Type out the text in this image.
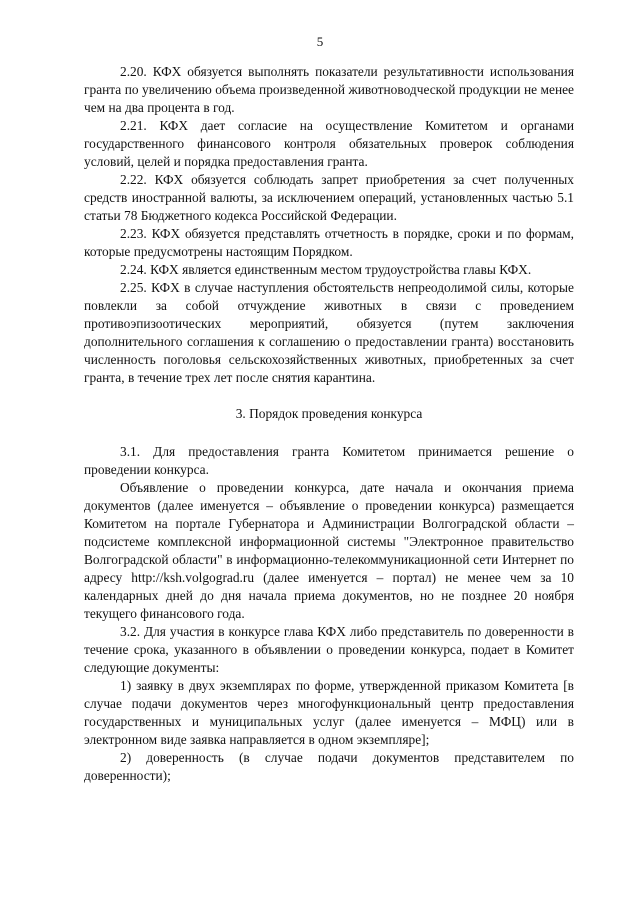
5

2.20. КФХ обязуется выполнять показатели результативности использования гранта по увеличению объема произведенной животноводческой продукции не менее чем на два процента в год.

2.21. КФХ дает согласие на осуществление Комитетом и органами государственного финансового контроля обязательных проверок соблюдения условий, целей и порядка предоставления гранта.

2.22. КФХ обязуется соблюдать запрет приобретения за счет полученных средств иностранной валюты, за исключением операций, установленных частью 5.1 статьи 78 Бюджетного кодекса Российской Федерации.

2.23. КФХ обязуется представлять отчетность в порядке, сроки и по формам, которые предусмотрены настоящим Порядком.

2.24. КФХ является единственным местом трудоустройства главы КФХ.

2.25. КФХ в случае наступления обстоятельств непреодолимой силы, которые повлекли за собой отчуждение животных в связи с проведением противоэпизоотических мероприятий, обязуется (путем заключения дополнительного соглашения к соглашению о предоставлении гранта) восстановить численность поголовья сельскохозяйственных животных, приобретенных за счет гранта, в течение трех лет после снятия карантина.

3. Порядок проведения конкурса

3.1. Для предоставления гранта Комитетом принимается решение о проведении конкурса.

Объявление о проведении конкурса, дате начала и окончания приема документов (далее именуется – объявление о проведении конкурса) размещается Комитетом на портале Губернатора и Администрации Волгоградской области – подсистеме комплексной информационной системы "Электронное правительство Волгоградской области" в информационно-телекоммуникационной сети Интернет по адресу http://ksh.volgograd.ru (далее именуется – портал) не менее чем за 10 календарных дней до дня начала приема документов, но не позднее 20 ноября текущего финансового года.

3.2. Для участия в конкурсе глава КФХ либо представитель по доверенности в течение срока, указанного в объявлении о проведении конкурса, подает в Комитет следующие документы:

1) заявку в двух экземплярах по форме, утвержденной приказом Комитета [в случае подачи документов через многофункциональный центр предоставления государственных и муниципальных услуг (далее именуется – МФЦ) или в электронном виде заявка направляется в одном экземпляре];

2) доверенность (в случае подачи документов представителем по доверенности);
